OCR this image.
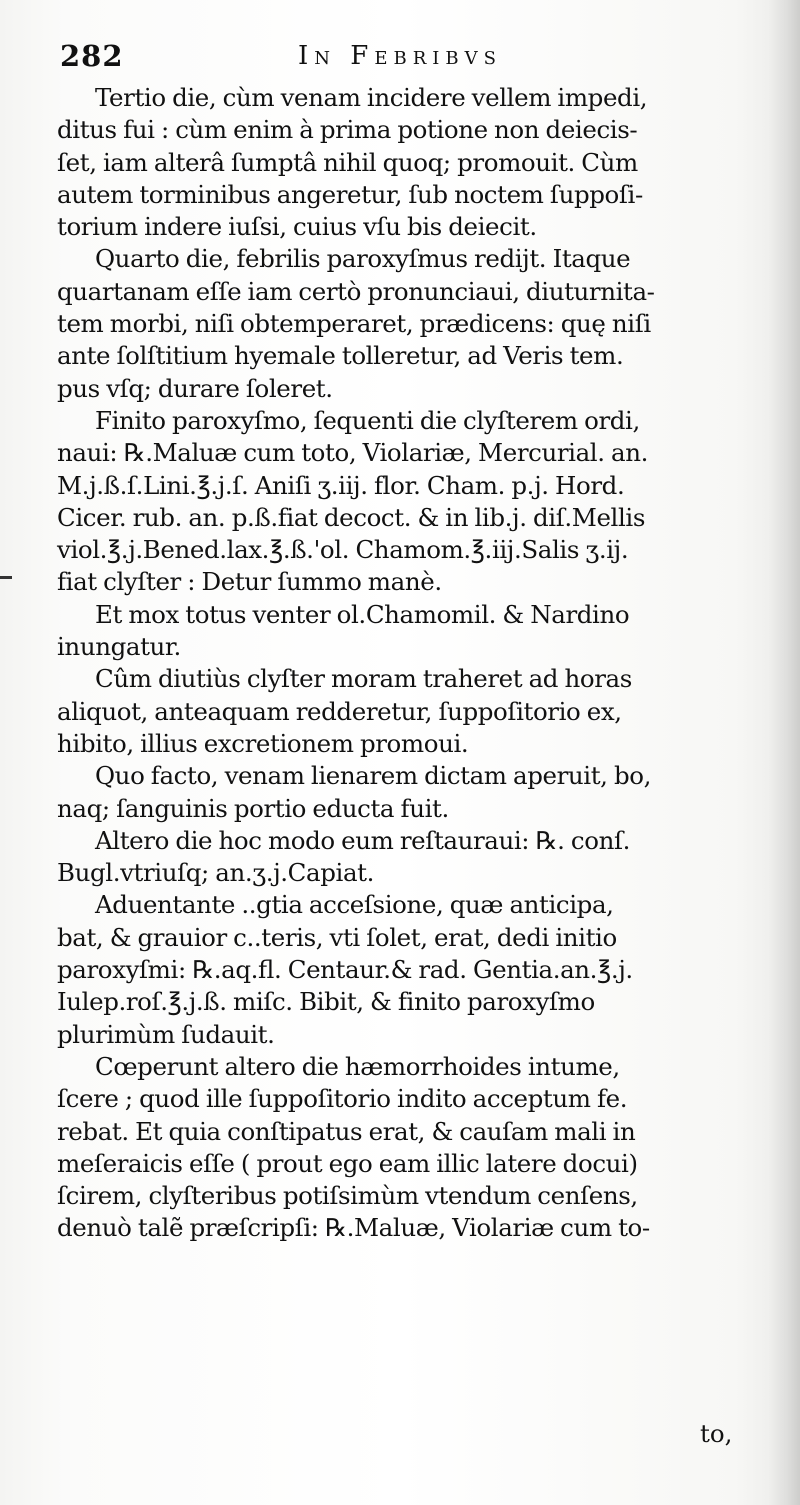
282	In Febribvs
Tertio die, cùm venam incidere vellem impedi,
ditus fui : cùm enim à prima potione non deiecis-
ſet, iam alterâ ſumptâ nihil quoq; promouit. Cùm
autem torminibus angeretur, ſub noctem ſuppoſi-
torium indere iuſsi, cuius vſu bis deiecit.
Quarto die, febrilis paroxyſmus rediјt. Itaque
quartanam eſſe iam certò pronunciaui, diuturnita-
tem morbi, niſi obtemperaret, prædicens: quę niſi
ante ſolſtitium hyemale tolleretur, ad Veris tem.
pus vſq; durare ſoleret.
Finito paroxyſmo, ſequenti die clyſterem ordi,
naui: ℞.Maluæ cum toto, Violariæ, Mercurial. an.
M.j.ß.ſ.Lini.℥.j.ſ. Aniſi ʒ.iij. flor. Cham. p.j. Hord.
Cicer. rub. an. p.ß.fiat decoct. & in lib.j. diſ.Mellis
viol.℥.j.Bened.lax.℥.ß.'ol. Chamom.℥.iij.Salis ʒ.ij.
fiat clyſter : Detur ſummo manè.
Et mox totus venter ol.Chamomil. & Nardino
inungatur.
Cûm diutiùs clyſter moram traheret ad horas
aliquot, anteaquam redderetur, ſuppoſitorio ex,
hibito, illius excretionem promoui.
Quo facto, venam lienarem dictam aperuit, bo,
naq; ſanguinis portio educta fuit.
Altero die hoc modo eum reſtauraui: ℞. conſ.
Bugl.vtriuſq; an.ʒ.j.Capiat.
Aduentante ..gtia acceſsione, quæ anticipa,
bat, & grauior c..teris, vti ſolet, erat, dedi initio
paroxyſmi: ℞.aq.ﬂ. Centaur.& rad. Gentia.an.℥.j.
Iulep.roſ.℥.j.ß. miſc. Bibit, & finito paroxyſmo
plurimùm ſudauit.
Cœperunt altero die hæmorrhoides intume,
ſcere ; quod ille ſuppoſitorio indito acceptum fe.
rebat. Et quia conſtipatus erat, & cauſam mali in
meſeraicis eſſe ( prout ego eam illic latere docui)
ſcirem, clyſteribus potiſsimùm vtendum cenſens,
denuò talẽ præſcripſi: ℞.Maluæ, Violariæ cum to-
to,
